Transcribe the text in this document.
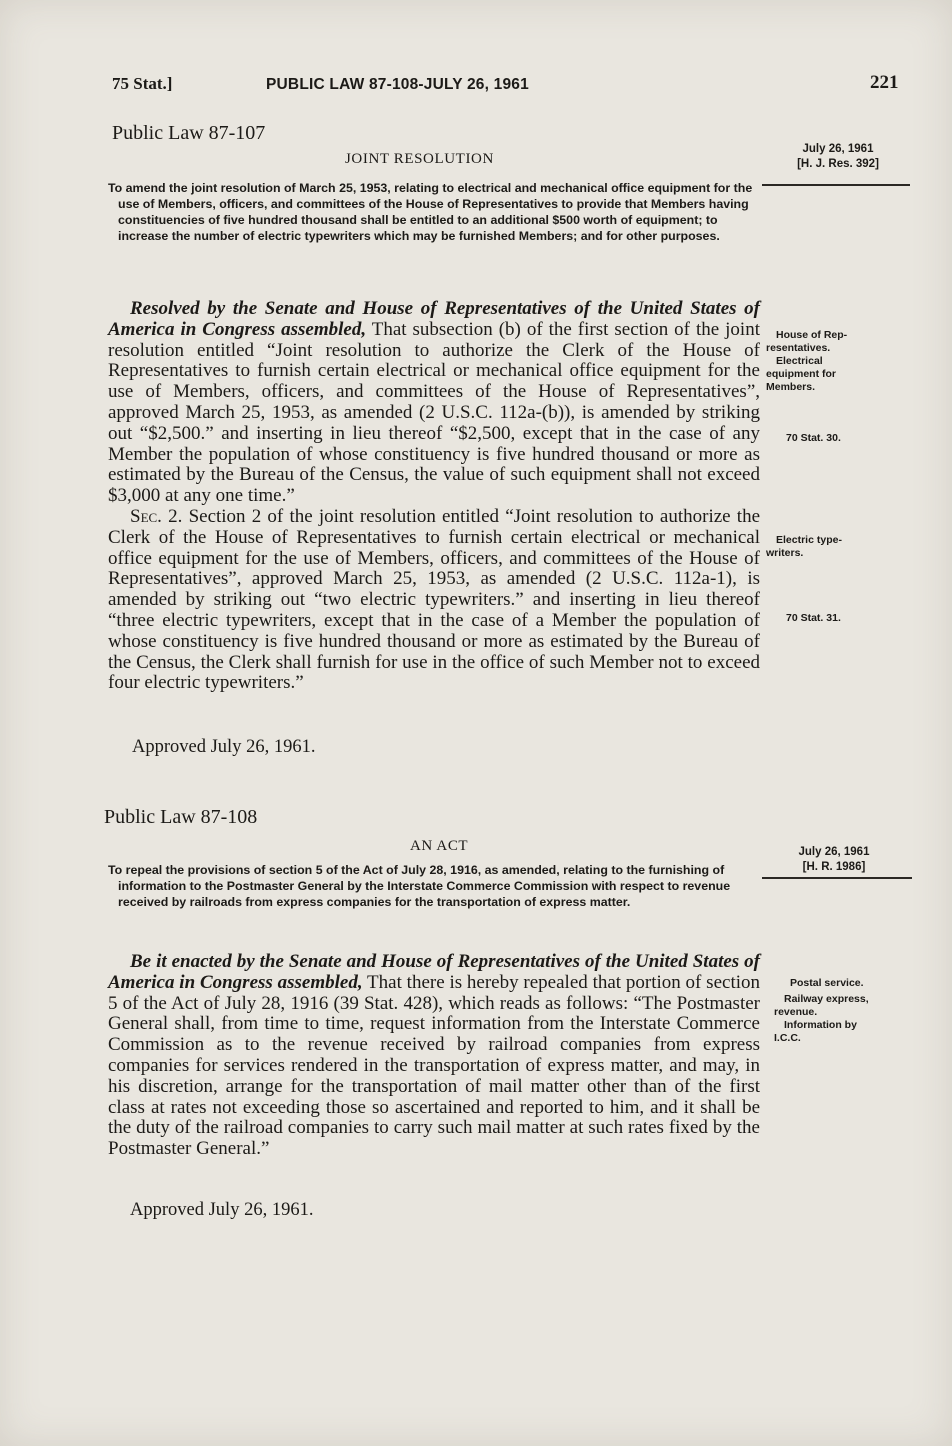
75 Stat.]	PUBLIC LAW 87-108-JULY 26, 1961	221
Public Law 87-107
JOINT RESOLUTION
July 26, 1961
[H. J. Res. 392]
To amend the joint resolution of March 25, 1953, relating to electrical and mechanical office equipment for the use of Members, officers, and committees of the House of Representatives to provide that Members having constituencies of five hundred thousand shall be entitled to an additional $500 worth of equipment; to increase the number of electric typewriters which may be furnished Members; and for other purposes.

Resolved by the Senate and House of Representatives of the United States of America in Congress assembled, That subsection (b) of the first section of the joint resolution entitled “Joint resolution to authorize the Clerk of the House of Representatives to furnish certain electrical or mechanical office equipment for the use of Members, officers, and committees of the House of Representatives”, approved March 25, 1953, as amended (2 U.S.C. 112a-(b)), is amended by striking out “$2,500.” and inserting in lieu thereof “$2,500, except that in the case of any Member the population of whose constituency is five hundred thousand or more as estimated by the Bureau of the Census, the value of such equipment shall not exceed $3,000 at any one time.”

Sec. 2. Section 2 of the joint resolution entitled “Joint resolution to authorize the Clerk of the House of Representatives to furnish certain electrical or mechanical office equipment for the use of Members, officers, and committees of the House of Representatives”, approved March 25, 1953, as amended (2 U.S.C. 112a-1), is amended by striking out “two electric typewriters.” and inserting in lieu thereof “three electric typewriters, except that in the case of a Member the population of whose constituency is five hundred thousand or more as estimated by the Bureau of the Census, the Clerk shall furnish for use in the office of such Member not to exceed four electric typewriters.”

Approved July 26, 1961.
House of Rep-
resentatives.
Electrical
equipment for
Members.
70 Stat. 30.
Electric type-
writers.
70 Stat. 31.
Public Law 87-108
AN ACT	July 26, 1961
[H. R. 1986]
To repeal the provisions of section 5 of the Act of July 28, 1916, as amended, relating to the furnishing of information to the Postmaster General by the Interstate Commerce Commission with respect to revenue received by railroads from express companies for the transportation of express matter.

Be it enacted by the Senate and House of Representatives of the United States of America in Congress assembled, That there is hereby repealed that portion of section 5 of the Act of July 28, 1916 (39 Stat. 428), which reads as follows: “The Postmaster General shall, from time to time, request information from the Interstate Commerce Commission as to the revenue received by railroad companies from express companies for services rendered in the transportation of express matter, and may, in his discretion, arrange for the transportation of mail matter other than of the first class at rates not exceeding those so ascertained and reported to him, and it shall be the duty of the railroad companies to carry such mail matter at such rates fixed by the Postmaster General.”

Approved July 26, 1961.
Postal service.
Railway express,
revenue.
Information by
I.C.C.
